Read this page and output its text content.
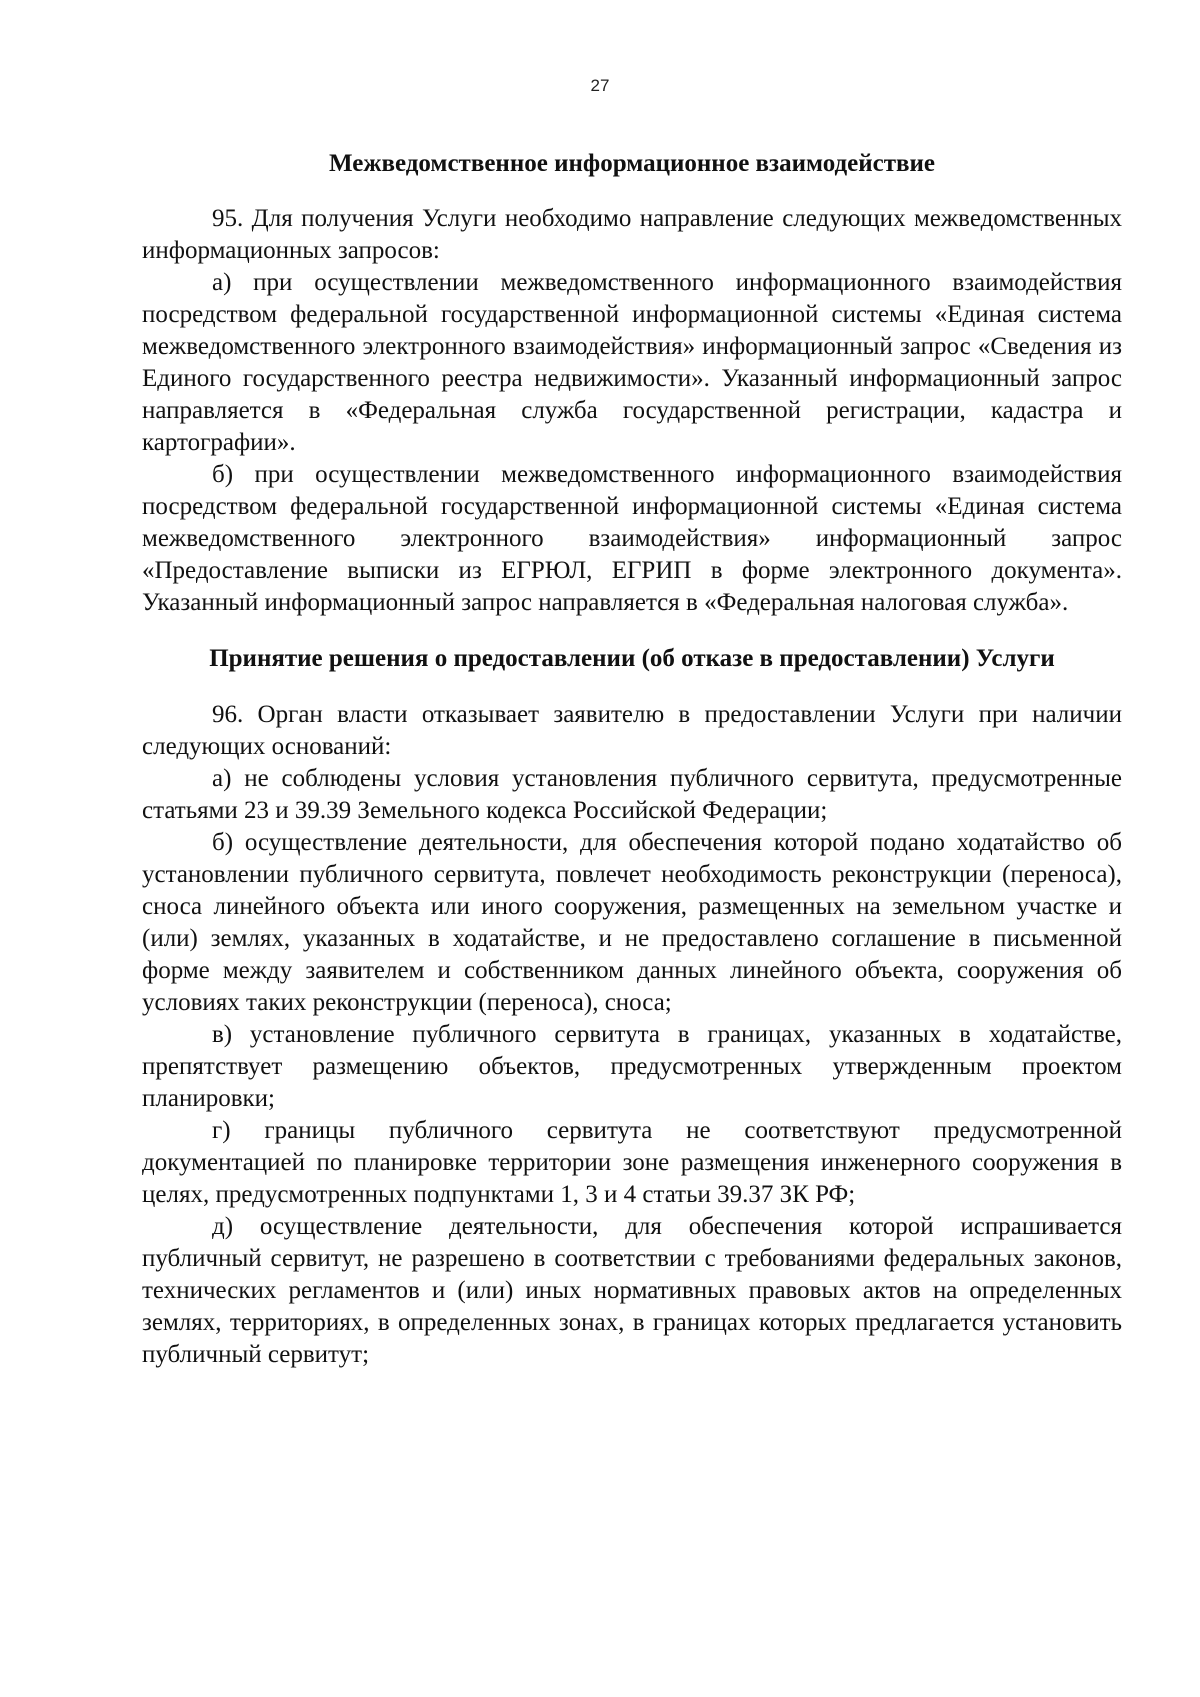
27
Межведомственное информационное взаимодействие

95. Для получения Услуги необходимо направление следующих межведомственных информационных запросов:

а) при осуществлении межведомственного информационного взаимодействия посредством федеральной государственной информационной системы «Единая система межведомственного электронного взаимодействия» информационный запрос «Сведения из Единого государственного реестра недвижимости». Указанный информационный запрос направляется в «Федеральная служба государственной регистрации, кадастра и картографии».

б) при осуществлении межведомственного информационного взаимодействия посредством федеральной государственной информационной системы «Единая система межведомственного электронного взаимодействия» информационный запрос «Предоставление выписки из ЕГРЮЛ, ЕГРИП в форме электронного документа». Указанный информационный запрос направляется в «Федеральная налоговая служба».

Принятие решения о предоставлении (об отказе в предоставлении) Услуги

96. Орган власти отказывает заявителю в предоставлении Услуги при наличии следующих оснований:

а) не соблюдены условия установления публичного сервитута, предусмотренные статьями 23 и 39.39 Земельного кодекса Российской Федерации;

б) осуществление деятельности, для обеспечения которой подано ходатайство об установлении публичного сервитута, повлечет необходимость реконструкции (переноса), сноса линейного объекта или иного сооружения, размещенных на земельном участке и (или) землях, указанных в ходатайстве, и не предоставлено соглашение в письменной форме между заявителем и собственником данных линейного объекта, сооружения об условиях таких реконструкции (переноса), сноса;

в) установление публичного сервитута в границах, указанных в ходатайстве, препятствует размещению объектов, предусмотренных утвержденным проектом планировки;

г) границы публичного сервитута не соответствуют предусмотренной документацией по планировке территории зоне размещения инженерного сооружения в целях, предусмотренных подпунктами 1, 3 и 4 статьи 39.37 ЗК РФ;

д) осуществление деятельности, для обеспечения которой испрашивается публичный сервитут, не разрешено в соответствии с требованиями федеральных законов, технических регламентов и (или) иных нормативных правовых актов на определенных землях, территориях, в определенных зонах, в границах которых предлагается установить публичный сервитут;
